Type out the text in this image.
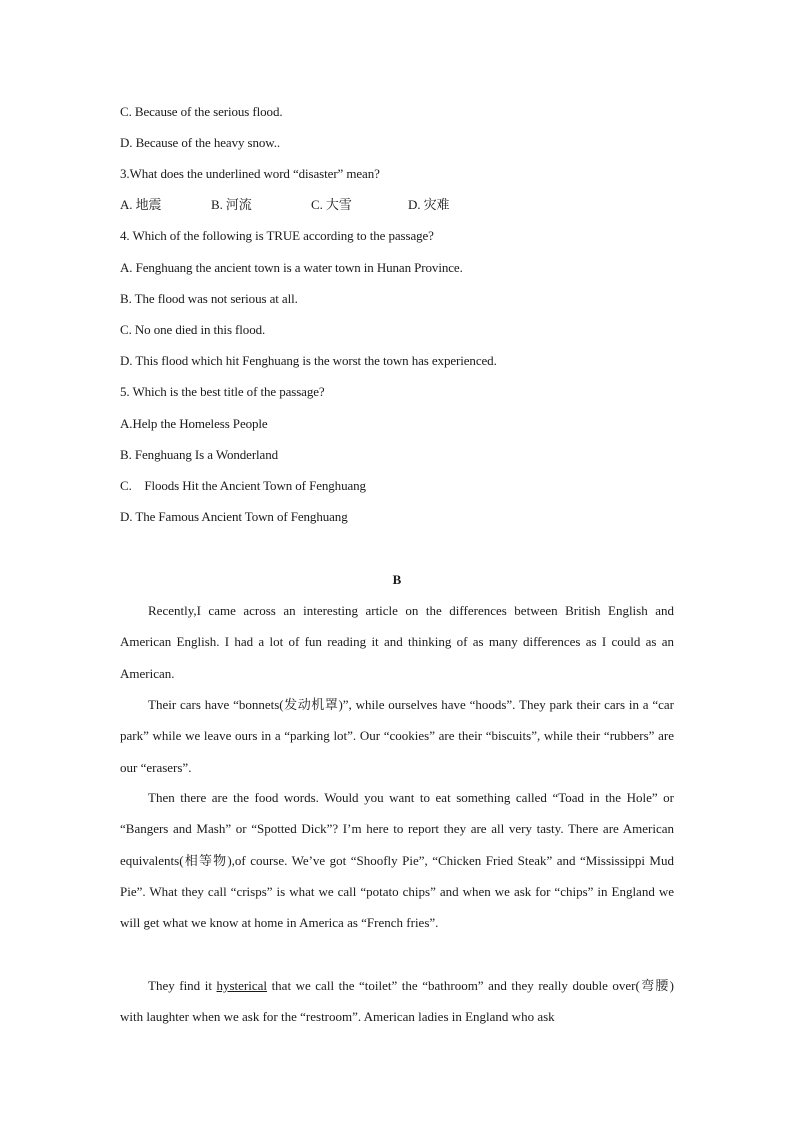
C. Because of the serious flood.
D. Because of the heavy snow..
3.What does the underlined word “disaster” mean?
A. 地震	B. 河流	C. 大雪	D. 灾难
4. Which of the following is TRUE according to the passage?
A. Fenghuang the ancient town is a water town in Hunan Province.
B. The flood was not serious at all.
C. No one died in this flood.
D. This flood which hit Fenghuang is the worst the town has experienced.
5. Which is the best title of the passage?
A.Help the Homeless People
B. Fenghuang Is a Wonderland
C.    Floods Hit the Ancient Town of Fenghuang
D. The Famous Ancient Town of Fenghuang
B

Recently,I came across an interesting article on the differences between British English and American English. I had a lot of fun reading it and thinking of as many differences as I could as an American.

Their cars have “bonnets(发动机罩)”, while ourselves have “hoods”. They park their cars in a “car park” while we leave ours in a “parking lot”. Our “cookies” are their “biscuits”, while their “rubbers” are our “erasers”.

Then there are the food words. Would you want to eat something called “Toad in the Hole” or “Bangers and Mash” or “Spotted Dick”? I’m here to report they are all very tasty. There are American equivalents(相等物),of course. We’ve got “Shoofly Pie”, “Chicken Fried Steak” and “Mississippi Mud Pie”. What they call “crisps” is what we call “potato chips” and when we ask for “chips” in England we will get what we know at home in America as “French fries”.

They find it hysterical that we call the “toilet” the “bathroom” and they really double over(弯腰) with laughter when we ask for the “restroom”. American ladies in England who ask
